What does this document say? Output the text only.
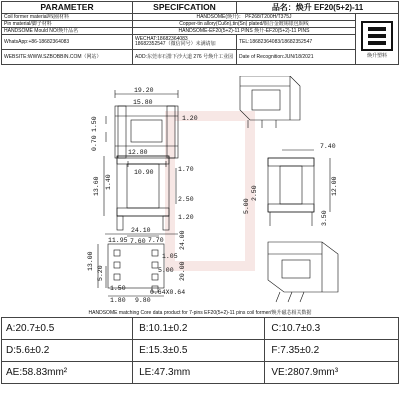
PARAMETER	SPECIFCATION	品名：焕升 EF20(5+2)-11	
Coil former material/线圈材料	HANDSOME(焕升)： PF268/T200H/T375J		焕升塑料

Pin material/脚子材料	Copper-tin allory(Cu6n),tin(Sn) plated/铜合金镀锡银包铜线		
HANDSOME Mould NO/焕升品名	HANDSOME-EF20(5+2)-11 PINS 焕升-EF20(5+2)-11 PINS		
WhatsApp:+86-18682364083	WECHAT:18682364083
18682352547（微信同号）未满请加	TEL:18682364083/18682352547	
WEBSITE:WWW.SZBOBBIN.COM（网站）	ADD:东莞市石排下沙大道 276 号焕升工业园	Date of Recognition:JUN/18/2021	
19.20
15.80
10.90
1.20
1.50
0.70
12.80
1.70
1.20
2.50
13.60 1.40
7.60
7.40
12.00
5.00
2.50
3.50
24.10
11.95	7.70
1.05
13.00
5.20
1.50
5.00
1.80 9.80
0.64X0.64
24.00
20.00
HANDSOME matching Core data product for 7-pins EF20(5+2)-11 pins coil former/焕升磁芯相关数据		
A:20.7±0.5	B:10.1±0.2	C:10.7±0.3
D:5.6±0.2	E:15.3±0.5	F:7.35±0.2
AE:58.83mm²	LE:47.3mm	VE:2807.9mm³
